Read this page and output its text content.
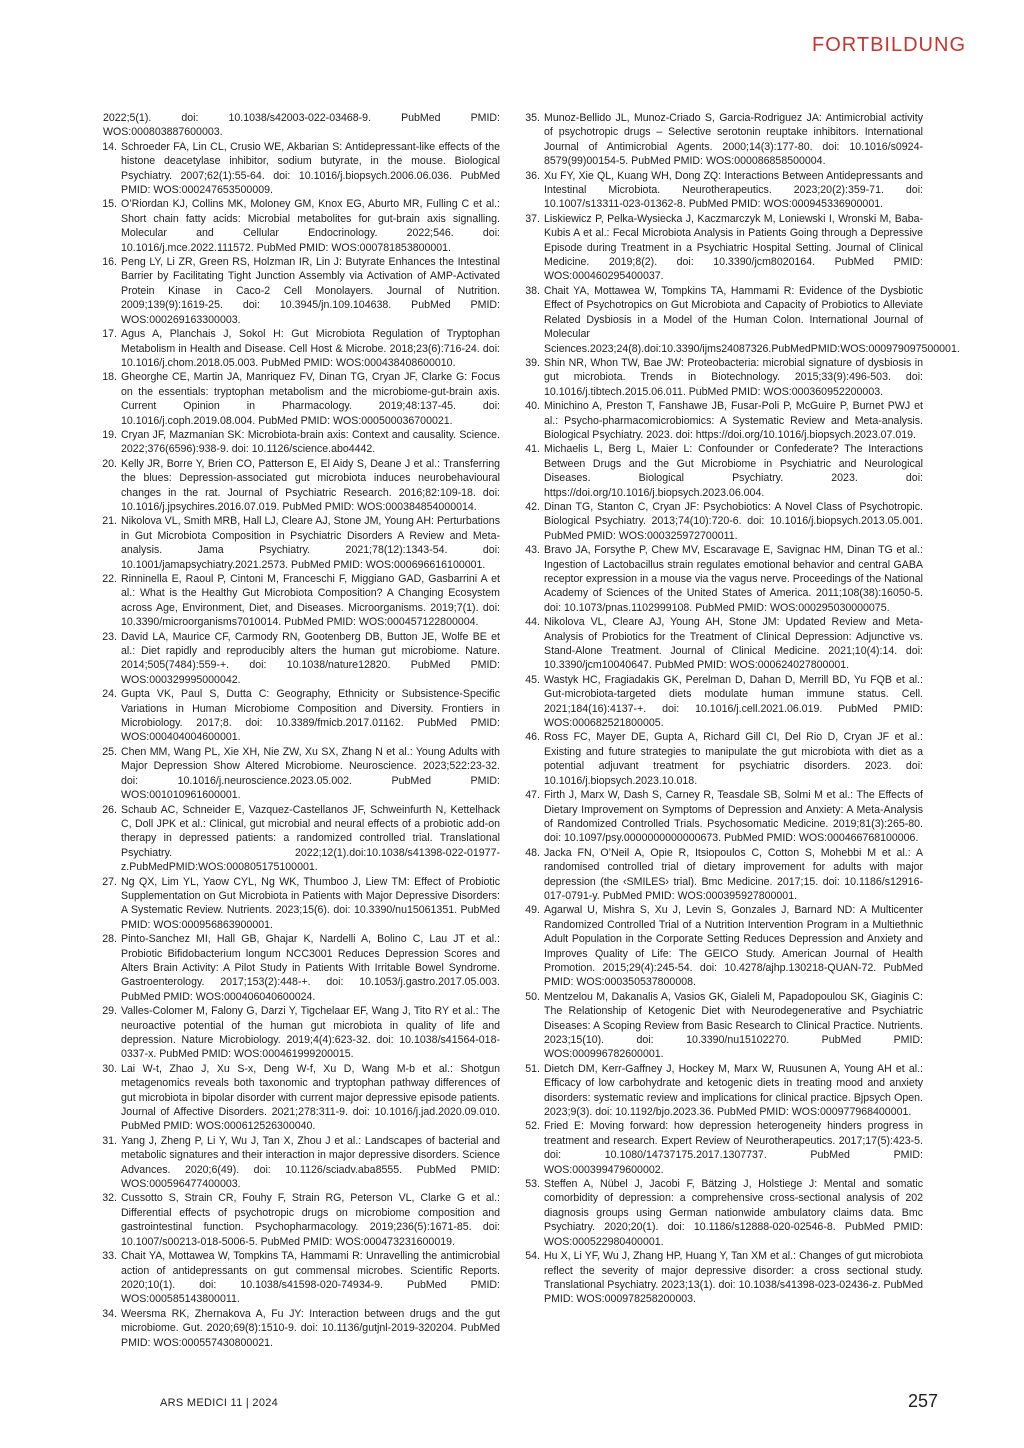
FORTBILDUNG

2022;5(1). doi: 10.1038/s42003-022-03468-9. PubMed PMID: WOS:000803887600003.

14. Schroeder FA, Lin CL, Crusio WE, Akbarian S: Antidepressant-like effects of the histone deacetylase inhibitor, sodium butyrate, in the mouse. Biological Psychiatry. 2007;62(1):55-64. doi: 10.1016/j.biopsych.2006.06.036. PubMed PMID: WOS:000247653500009.

15. O’Riordan KJ, Collins MK, Moloney GM, Knox EG, Aburto MR, Fulling C et al.: Short chain fatty acids: Microbial metabolites for gut-brain axis signalling. Molecular and Cellular Endocrinology. 2022;546. doi: 10.1016/j.mce.2022.111572. PubMed PMID: WOS:000781853800001.

16. Peng LY, Li ZR, Green RS, Holzman IR, Lin J: Butyrate Enhances the Intestinal Barrier by Facilitating Tight Junction Assembly via Activation of AMP-Activated Protein Kinase in Caco-2 Cell Monolayers. Journal of Nutrition. 2009;139(9):1619-25. doi: 10.3945/jn.109.104638. PubMed PMID: WOS:000269163300003.

17. Agus A, Planchais J, Sokol H: Gut Microbiota Regulation of Tryptophan Metabolism in Health and Disease. Cell Host & Microbe. 2018;23(6):716-24. doi: 10.1016/j.chom.2018.05.003. PubMed PMID: WOS:000438408600010.

18. Gheorghe CE, Martin JA, Manriquez FV, Dinan TG, Cryan JF, Clarke G: Focus on the essentials: tryptophan metabolism and the microbiome-gut-brain axis. Current Opinion in Pharmacology. 2019;48:137-45. doi: 10.1016/j.coph.2019.08.004. PubMed PMID: WOS:000500036700021.

19. Cryan JF, Mazmanian SK: Microbiota-brain axis: Context and causality. Science. 2022;376(6596):938-9. doi: 10.1126/science.abo4442.

20. Kelly JR, Borre Y, Brien CO, Patterson E, El Aidy S, Deane J et al.: Transferring the blues: Depression-associated gut microbiota induces neurobehavioural changes in the rat. Journal of Psychiatric Research. 2016;82:109-18. doi: 10.1016/j.jpsychires.2016.07.019. PubMed PMID: WOS:000384854000014.

21. Nikolova VL, Smith MRB, Hall LJ, Cleare AJ, Stone JM, Young AH: Perturbations in Gut Microbiota Composition in Psychiatric Disorders A Review and Meta-analysis. Jama Psychiatry. 2021;78(12):1343-54. doi: 10.1001/jamapsychiatry.2021.2573. PubMed PMID: WOS:000696616100001.

22. Rinninella E, Raoul P, Cintoni M, Franceschi F, Miggiano GAD, Gasbarrini A et al.: What is the Healthy Gut Microbiota Composition? A Changing Ecosystem across Age, Environment, Diet, and Diseases. Microorganisms. 2019;7(1). doi: 10.3390/microorganisms7010014. PubMed PMID: WOS:000457122800004.

23. David LA, Maurice CF, Carmody RN, Gootenberg DB, Button JE, Wolfe BE et al.: Diet rapidly and reproducibly alters the human gut microbiome. Nature. 2014;505(7484):559-+. doi: 10.1038/nature12820. PubMed PMID: WOS:000329995000042.

24. Gupta VK, Paul S, Dutta C: Geography, Ethnicity or Subsistence-Specific Variations in Human Microbiome Composition and Diversity. Frontiers in Microbiology. 2017;8. doi: 10.3389/fmicb.2017.01162. PubMed PMID: WOS:000404004600001.

25. Chen MM, Wang PL, Xie XH, Nie ZW, Xu SX, Zhang N et al.: Young Adults with Major Depression Show Altered Microbiome. Neuroscience. 2023;522:23-32. doi: 10.1016/j.neuroscience.2023.05.002. PubMed PMID: WOS:001010961600001.

26. Schaub AC, Schneider E, Vazquez-Castellanos JF, Schweinfurth N, Kettelhack C, Doll JPK et al.: Clinical, gut microbial and neural effects of a probiotic add-on therapy in depressed patients: a randomized controlled trial. Translational Psychiatry. 2022;12(1).doi:10.1038/s41398-022-01977-z.PubMedPMID:WOS:000805175100001.

27. Ng QX, Lim YL, Yaow CYL, Ng WK, Thumboo J, Liew TM: Effect of Probiotic Supplementation on Gut Microbiota in Patients with Major Depressive Disorders: A Systematic Review. Nutrients. 2023;15(6). doi: 10.3390/nu15061351. PubMed PMID: WOS:000956863900001.

28. Pinto-Sanchez MI, Hall GB, Ghajar K, Nardelli A, Bolino C, Lau JT et al.: Probiotic Bifidobacterium longum NCC3001 Reduces Depression Scores and Alters Brain Activity: A Pilot Study in Patients With Irritable Bowel Syndrome. Gastroenterology. 2017;153(2):448-+. doi: 10.1053/j.gastro.2017.05.003. PubMed PMID: WOS:000406040600024.

29. Valles-Colomer M, Falony G, Darzi Y, Tigchelaar EF, Wang J, Tito RY et al.: The neuroactive potential of the human gut microbiota in quality of life and depression. Nature Microbiology. 2019;4(4):623-32. doi: 10.1038/s41564-018-0337-x. PubMed PMID: WOS:000461999200015.

30. Lai W-t, Zhao J, Xu S-x, Deng W-f, Xu D, Wang M-b et al.: Shotgun metagenomics reveals both taxonomic and tryptophan pathway differences of gut microbiota in bipolar disorder with current major depressive episode patients. Journal of Affective Disorders. 2021;278:311-9. doi: 10.1016/j.jad.2020.09.010. PubMed PMID: WOS:000612526300040.

31. Yang J, Zheng P, Li Y, Wu J, Tan X, Zhou J et al.: Landscapes of bacterial and metabolic signatures and their interaction in major depressive disorders. Science Advances. 2020;6(49). doi: 10.1126/sciadv.aba8555. PubMed PMID: WOS:000596477400003.

32. Cussotto S, Strain CR, Fouhy F, Strain RG, Peterson VL, Clarke G et al.: Differential effects of psychotropic drugs on microbiome composition and gastrointestinal function. Psychopharmacology. 2019;236(5):1671-85. doi: 10.1007/s00213-018-5006-5. PubMed PMID: WOS:000473231600019.

33. Chait YA, Mottawea W, Tompkins TA, Hammami R: Unravelling the antimicrobial action of antidepressants on gut commensal microbes. Scientific Reports. 2020;10(1). doi: 10.1038/s41598-020-74934-9. PubMed PMID: WOS:000585143800011.

34. Weersma RK, Zhernakova A, Fu JY: Interaction between drugs and the gut microbiome. Gut. 2020;69(8):1510-9. doi: 10.1136/gutjnl-2019-320204. PubMed PMID: WOS:000557430800021.

35. Munoz-Bellido JL, Munoz-Criado S, Garcia-Rodriguez JA: Antimicrobial activity of psychotropic drugs – Selective serotonin reuptake inhibitors. International Journal of Antimicrobial Agents. 2000;14(3):177-80. doi: 10.1016/s0924-8579(99)00154-5. PubMed PMID: WOS:000086858500004.

36. Xu FY, Xie QL, Kuang WH, Dong ZQ: Interactions Between Antidepressants and Intestinal Microbiota. Neurotherapeutics. 2023;20(2):359-71. doi: 10.1007/s13311-023-01362-8. PubMed PMID: WOS:000945336900001.

37. Liskiewicz P, Pelka-Wysiecka J, Kaczmarczyk M, Loniewski I, Wronski M, Baba-Kubis A et al.: Fecal Microbiota Analysis in Patients Going through a Depressive Episode during Treatment in a Psychiatric Hospital Setting. Journal of Clinical Medicine. 2019;8(2). doi: 10.3390/jcm8020164. PubMed PMID: WOS:000460295400037.

38. Chait YA, Mottawea W, Tompkins TA, Hammami R: Evidence of the Dysbiotic Effect of Psychotropics on Gut Microbiota and Capacity of Probiotics to Alleviate Related Dysbiosis in a Model of the Human Colon. International Journal of Molecular Sciences.2023;24(8).doi:10.3390/ijms24087326.PubMedPMID:WOS:000979097500001.

39. Shin NR, Whon TW, Bae JW: Proteobacteria: microbial signature of dysbiosis in gut microbiota. Trends in Biotechnology. 2015;33(9):496-503. doi: 10.1016/j.tibtech.2015.06.011. PubMed PMID: WOS:000360952200003.

40. Minichino A, Preston T, Fanshawe JB, Fusar-Poli P, McGuire P, Burnet PWJ et al.: Psycho-pharmacomicrobiomics: A Systematic Review and Meta-analysis. Biological Psychiatry. 2023. doi: https://doi.org/10.1016/j.biopsych.2023.07.019.

41. Michaelis L, Berg L, Maier L: Confounder or Confederate? The Interactions Between Drugs and the Gut Microbiome in Psychiatric and Neurological Diseases. Biological Psychiatry. 2023. doi: https://doi.org/10.1016/j.biopsych.2023.06.004.

42. Dinan TG, Stanton C, Cryan JF: Psychobiotics: A Novel Class of Psychotropic. Biological Psychiatry. 2013;74(10):720-6. doi: 10.1016/j.biopsych.2013.05.001. PubMed PMID: WOS:000325972700011.

43. Bravo JA, Forsythe P, Chew MV, Escaravage E, Savignac HM, Dinan TG et al.: Ingestion of Lactobacillus strain regulates emotional behavior and central GABA receptor expression in a mouse via the vagus nerve. Proceedings of the National Academy of Sciences of the United States of America. 2011;108(38):16050-5. doi: 10.1073/pnas.1102999108. PubMed PMID: WOS:000295030000075.

44. Nikolova VL, Cleare AJ, Young AH, Stone JM: Updated Review and Meta-Analysis of Probiotics for the Treatment of Clinical Depression: Adjunctive vs. Stand-Alone Treatment. Journal of Clinical Medicine. 2021;10(4):14. doi: 10.3390/jcm10040647. PubMed PMID: WOS:000624027800001.

45. Wastyk HC, Fragiadakis GK, Perelman D, Dahan D, Merrill BD, Yu FQB et al.: Gut-microbiota-targeted diets modulate human immune status. Cell. 2021;184(16):4137-+. doi: 10.1016/j.cell.2021.06.019. PubMed PMID: WOS:000682521800005.

46. Ross FC, Mayer DE, Gupta A, Richard Gill CI, Del Rio D, Cryan JF et al.: Existing and future strategies to manipulate the gut microbiota with diet as a potential adjuvant treatment for psychiatric disorders. 2023. doi: 10.1016/j.biopsych.2023.10.018.

47. Firth J, Marx W, Dash S, Carney R, Teasdale SB, Solmi M et al.: The Effects of Dietary Improvement on Symptoms of Depression and Anxiety: A Meta-Analysis of Randomized Controlled Trials. Psychosomatic Medicine. 2019;81(3):265-80. doi: 10.1097/psy.0000000000000673. PubMed PMID: WOS:000466768100006.

48. Jacka FN, O’Neil A, Opie R, Itsiopoulos C, Cotton S, Mohebbi M et al.: A randomised controlled trial of dietary improvement for adults with major depression (the ‹SMILES› trial). Bmc Medicine. 2017;15. doi: 10.1186/s12916-017-0791-y. PubMed PMID: WOS:000395927800001.

49. Agarwal U, Mishra S, Xu J, Levin S, Gonzales J, Barnard ND: A Multicenter Randomized Controlled Trial of a Nutrition Intervention Program in a Multiethnic Adult Population in the Corporate Setting Reduces Depression and Anxiety and Improves Quality of Life: The GEICO Study. American Journal of Health Promotion. 2015;29(4):245-54. doi: 10.4278/ajhp.130218-QUAN-72. PubMed PMID: WOS:000350537800008.

50. Mentzelou M, Dakanalis A, Vasios GK, Gialeli M, Papadopoulou SK, Giaginis C: The Relationship of Ketogenic Diet with Neurodegenerative and Psychiatric Diseases: A Scoping Review from Basic Research to Clinical Practice. Nutrients. 2023;15(10). doi: 10.3390/nu15102270. PubMed PMID: WOS:000996782600001.

51. Dietch DM, Kerr-Gaffney J, Hockey M, Marx W, Ruusunen A, Young AH et al.: Efficacy of low carbohydrate and ketogenic diets in treating mood and anxiety disorders: systematic review and implications for clinical practice. Bjpsych Open. 2023;9(3). doi: 10.1192/bjo.2023.36. PubMed PMID: WOS:000977968400001.

52. Fried E: Moving forward: how depression heterogeneity hinders progress in treatment and research. Expert Review of Neurotherapeutics. 2017;17(5):423-5. doi: 10.1080/14737175.2017.1307737. PubMed PMID: WOS:000399479600002.

53. Steffen A, Nübel J, Jacobi F, Bätzing J, Holstiege J: Mental and somatic comorbidity of depression: a comprehensive cross-sectional analysis of 202 diagnosis groups using German nationwide ambulatory claims data. Bmc Psychiatry. 2020;20(1). doi: 10.1186/s12888-020-02546-8. PubMed PMID: WOS:000522980400001.

54. Hu X, Li YF, Wu J, Zhang HP, Huang Y, Tan XM et al.: Changes of gut microbiota reflect the severity of major depressive disorder: a cross sectional study. Translational Psychiatry. 2023;13(1). doi: 10.1038/s41398-023-02436-z. PubMed PMID: WOS:000978258200003.

ARS MEDICI 11 | 2024	257
